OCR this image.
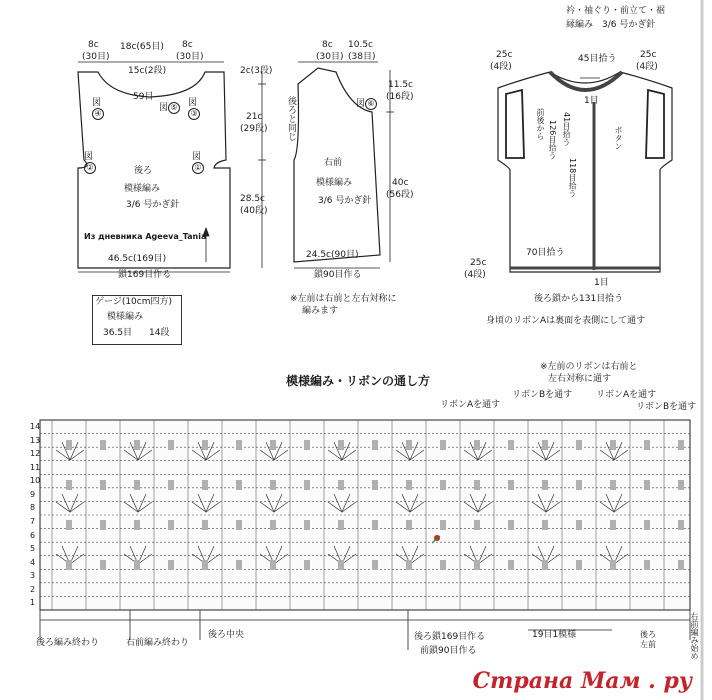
8c
(30目)
18c(65目) 8c
(30目)
15c(2段)
59目
図
④
図 ⑤ 図
③
図
②
図
①
後ろ
模様編み
3/6 号かぎ針
Из дневника Ageeva_Tania
46.5c(169目)
鎖169目作る
2c(3段)
21c
(29段)
28.5c
(40段)
ゲージ(10cm四方)
模様編み
36.5目 14段
8c
(30目)
10.5c
(38目)
後ろと同じ	図 ⑥
右前
模様編み
3/6 号かぎ針
24.5c(90目)
鎖90目作る
※左前は右前と左右対称に
編みます
11.5c
(16段)
40c
(56段)
衿・袖ぐり・前立て・裾
縁編み　3/6 号かぎ針
25c
(4段)
45目拾う	25c
(4段)
41目拾う
前後から 126目拾う
1目
ボタン
118目拾う
70目拾う
25c
(4段)
1目
後ろ鎖から131目拾う
身頃のリボンAは裏面を表側にして通す
模様編み・リボンの通し方
※左前のリボンは右前と
左右対称に通す
リボンAを通す
リボンBを通す	リボンAを通す
リボンBを通す
1
2
3
4
5
6
7
8
9
10
11
12
13
14
後ろ編み終わり	右前編み終わり
後ろ中央	後ろ鎖169目作る
前鎖90目作る
19目1模様	後ろ
左前	右前編み始め
Страна Мам . ру
